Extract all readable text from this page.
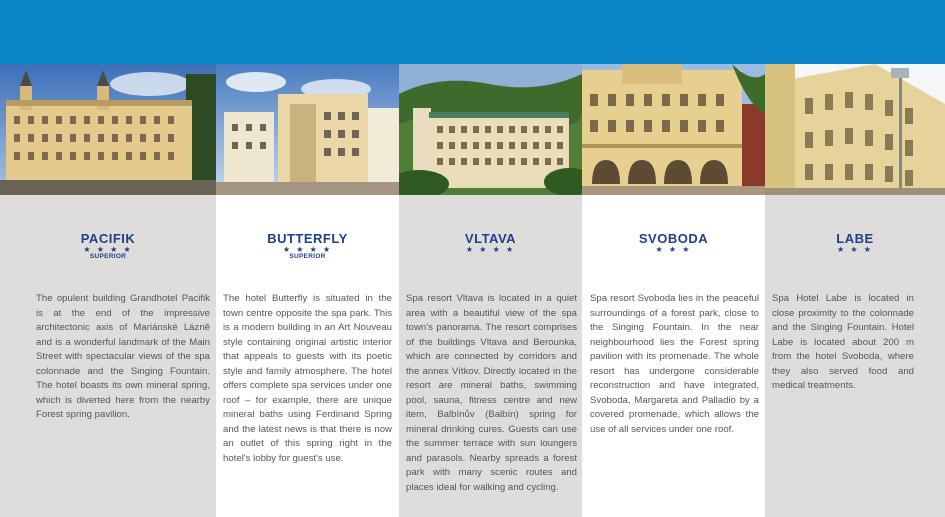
PACIFIK
★ ★ ★ ★
SUPERIOR

The opulent building Grandhotel Pacifik is at the end of the impressive architectonic axis of Mariánské Lázně and is a wonderful landmark of the Main Street with spectacular views of the spa colonnade and the Singing Fountain. The hotel boasts its own mineral spring, which is diverted here from the nearby Forest spring pavilion.

BUTTERFLY
★ ★ ★ ★
SUPERIOR

The hotel Butterfly is situated in the town centre opposite the spa park. This is a modern building in an Art Nouveau style containing original artistic interior that appeals to guests with its poetic style and family atmosphere. The hotel offers complete spa services under one roof – for example, there are unique mineral baths using Ferdinand Spring and the latest news is that there is now an outlet of this spring right in the hotel's lobby for guest's use.

VLTAVA
★ ★ ★ ★

Spa resort Vltava is located in a quiet area with a beautiful view of the spa town's panorama. The resort comprises of the buildings Vltava and Berounka, which are connected by corridors and the annex Vítkov. Directly located in the resort are mineral baths, swimming pool, sauna, fitness centre and new item, Balbínův (Balbín) spring for mineral drinking cures. Guests can use the summer terrace with sun loungers and parasols. Nearby spreads a forest park with many scenic routes and places ideal for walking and cycling.

SVOBODA
★ ★ ★

Spa resort Svoboda lies in the peaceful surroundings of a forest park, close to the Singing Fountain. In the near neighbourhood lies the Forest spring pavilion with its promenade. The whole resort has undergone considerable reconstruction and have integrated, Svoboda, Margareta and Palladio by a covered promenade, which allows the use of all services under one roof.

LABE
★ ★ ★

Spa Hotel Labe is located in close proximity to the colonnade and the Singing Fountain. Hotel Labe is located about 200 m from the hotel Svoboda, where they also served food and medical treatments.
